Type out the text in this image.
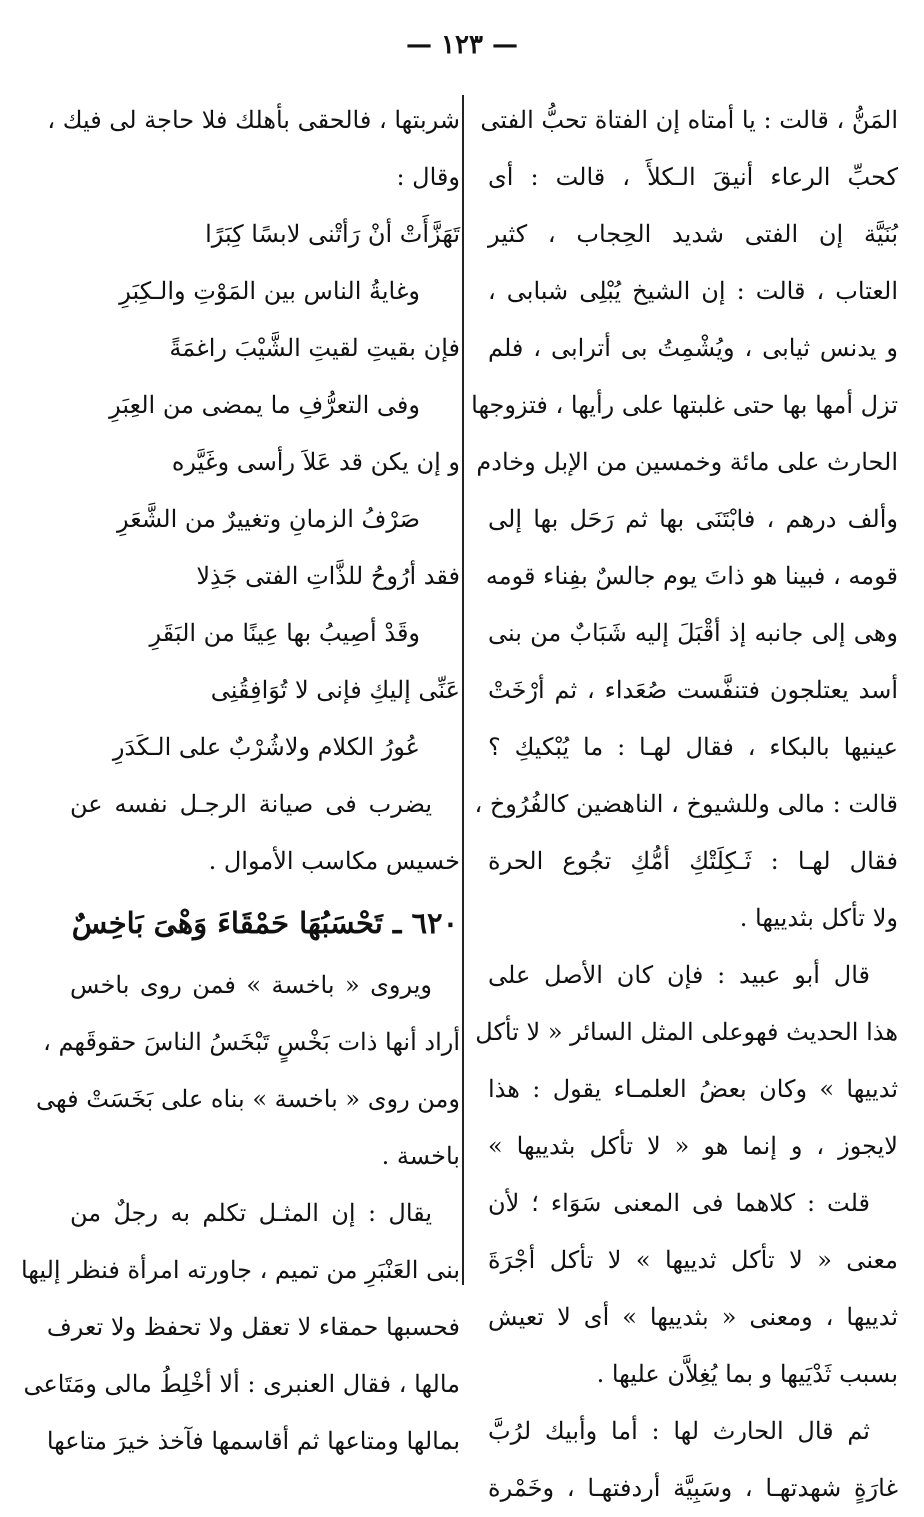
— ١٢٣ —
المَنُّ ، قالت : يا أمتاه إن الفتاة تحبُّ الفتى
كحبِّ الرعاء أنيقَ الـكلأَ ، قالت : أى
بُنَيَّة إن الفتى شديد الحِجاب ، كثير
العتاب ، قالت : إن الشيخ يُبْلِى شبابى ،
و يدنس ثيابى ، ويُشْمِتُ بى أترابى ، فلم
تزل أمها بها حتى غلبتها على رأيها ، فتزوجها
الحارث على مائة وخمسين من الإبل وخادم
وألف درهم ، فابْتَنَى بها ثم رَحَل بها إلى
قومه ، فبينا هو ذاتَ يوم جالسٌ بفِناء قومه
وهى إلى جانبه إذ أقْبَلَ إليه شَبَابٌ من بنى
أسد يعتلجون فتنفَّست صُعَداء ، ثم أرْخَتْ
عينيها بالبكاء ، فقال لهـا : ما يُبْكيكِ ؟
قالت : مالى وللشيوخ ، الناهضين كالفُرُوخ ،
فقال لهـا : ثَـكِلَتْكِ أمُّكِ تجُوع الحرة
ولا تأكل بثدييها .
قال أبو عبيد : فإن كان الأصل على
هذا الحديث فهوعلى المثل السائر « لا تأكل
ثدييها » وكان بعضُ العلمـاء يقول : هذا
لايجوز ، و إنما هو « لا تأكل بثدييها »
قلت : كلاهما فى المعنى سَوَاء ؛ لأن
معنى « لا تأكل ثدييها » لا تأكل أجْرَةَ
ثدييها ، ومعنى « بثدييها » أى لا تعيش
بسبب ثَدْيَيها و بما يُغِلاَّن عليها .
ثم قال الحارث لها : أما وأبيك لرُبَّ
غارَةٍ شهدتهـا ، وسَبِيَّة أردفتهـا ، وخَمْرة
شربتها ، فالحقى بأهلك فلا حاجة لى فيك ،
وقال :
تَهَزَّأَتْ أنْ رَأتْنى لابسًا كِبَرًا
وغايةُ الناس بين المَوْتِ والـكِبَرِ
فإن بقيتِ لقيتِ الشَّيْبَ راغمَةً
وفى التعرُّفِ ما يمضى من العِبَرِ
و إن يكن قد عَلاَ رأسى وغَيَّره
صَرْفُ الزمانِ وتغييرٌ من الشَّعَرِ
فقد أرُوحُ للذَّاتِ الفتى جَذِلا
وقَدْ أصِيبُ بها عِينًا من البَقَرِ
عَنِّى إليكِ فإنى لا تُوَافِقُنِى
عُورُ الكلام ولاشُرْبٌ على الـكَدَرِ
يضرب فى صيانة الرجـل نفسه عن
خسيس مكاسب الأموال .
٦٢٠ ـ تَحْسَبُهَا حَمْقَاءَ وَهْىَ بَاخِسٌ
ويروى « باخسة » فمن روى باخس
أراد أنها ذات بَخْسٍ تَبْخَسُ الناسَ حقوقَهم ،
ومن روى « باخسة » بناه على بَخَسَتْ فهى
باخسة .
يقال : إن المثـل تكلم به رجلٌ من
بنى العَنْبَرِ من تميم ، جاورته امرأة فنظر إليها
فحسبها حمقاء لا تعقل ولا تحفظ ولا تعرف
مالها ، فقال العنبرى : ألا أخْلِطُ مالى ومَتَاعى
بمالها ومتاعها ثم أقاسمها فآخذ خيرَ متاعها
